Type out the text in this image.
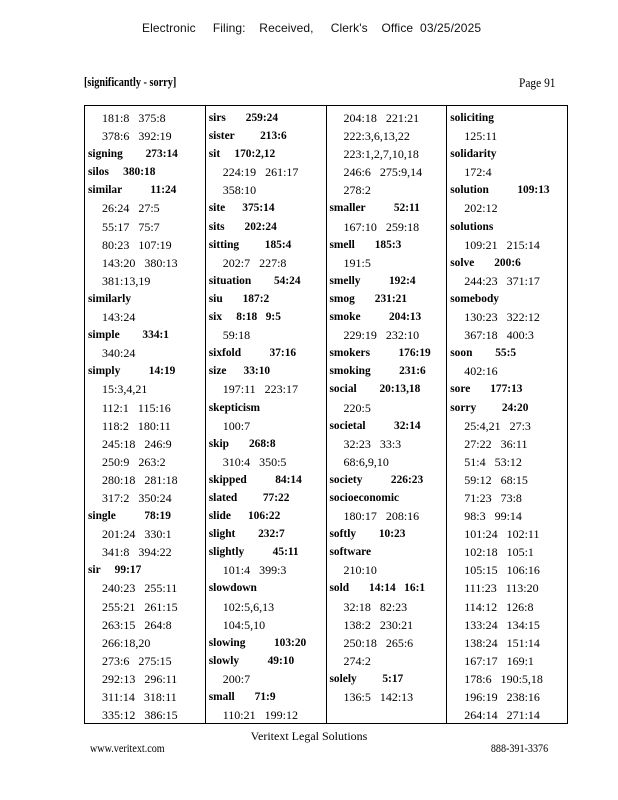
Electronic     Filing:    Received,     Clerk's    Office  03/25/2025
[significantly - sorry]	Page 91
181:8   375:8
378:6   392:19
signing        273:14
silos     380:18
similar          11:24
26:24   27:5
55:17   75:7
80:23   107:19
143:20   380:13
381:13,19
similarly
143:24
simple        334:1
340:24
simply          14:19
15:3,4,21
112:1   115:16
118:2   180:11
245:18   246:9
250:9   263:2
280:18   281:18
317:2   350:24
single          78:19
201:24   330:1
341:8   394:22
sir     99:17
240:23   255:11
255:21   261:15
263:15   264:8
266:18,20
273:6   275:15
292:13   296:11
311:14   318:11
335:12   386:15
sirs       259:24
sister         213:6
sit     170:2,12
224:19   261:17
358:10
site      375:14
sits       202:24
sitting         185:4
202:7   227:8
situation        54:24
siu       187:2
six     8:18   9:5
59:18
sixfold          37:16
size      33:10
197:11   223:17
skepticism
100:7
skip       268:8
310:4   350:5
skipped          84:14
slated         77:22
slide      106:22
slight        232:7
slightly          45:11
101:4   399:3
slowdown
102:5,6,13
104:5,10
slowing          103:20
slowly          49:10
200:7
small       71:9
110:21   199:12
204:18   221:21
222:3,6,13,22
223:1,2,7,10,18
246:6   275:9,14
278:2
smaller          52:11
167:10   259:18
smell       185:3
191:5
smelly          192:4
smog       231:21
smoke          204:13
229:19   232:10
smokers          176:19
smoking          231:6
social        20:13,18
220:5
societal          32:14
32:23   33:3
68:6,9,10
society          226:23
socioeconomic
180:17   208:16
softly        10:23
software
210:10
sold       14:14   16:1
32:18   82:23
138:2   230:21
250:18   265:6
274:2
solely         5:17
136:5   142:13
soliciting
125:11
solidarity
172:4
solution          109:13
202:12
solutions
109:21   215:14
solve       200:6
244:23   371:17
somebody
130:23   322:12
367:18   400:3
soon        55:5
402:16
sore       177:13
sorry         24:20
25:4,21   27:3
27:22   36:11
51:4   53:12
59:12   68:15
71:23   73:8
98:3   99:14
101:24   102:11
102:18   105:1
105:15   106:16
111:23   113:20
114:12   126:8
133:24   134:15
138:24   151:14
167:17   169:1
178:6   190:5,18
196:19   238:16
264:14   271:14
Veritext Legal Solutions
www.veritext.com	888-391-3376
